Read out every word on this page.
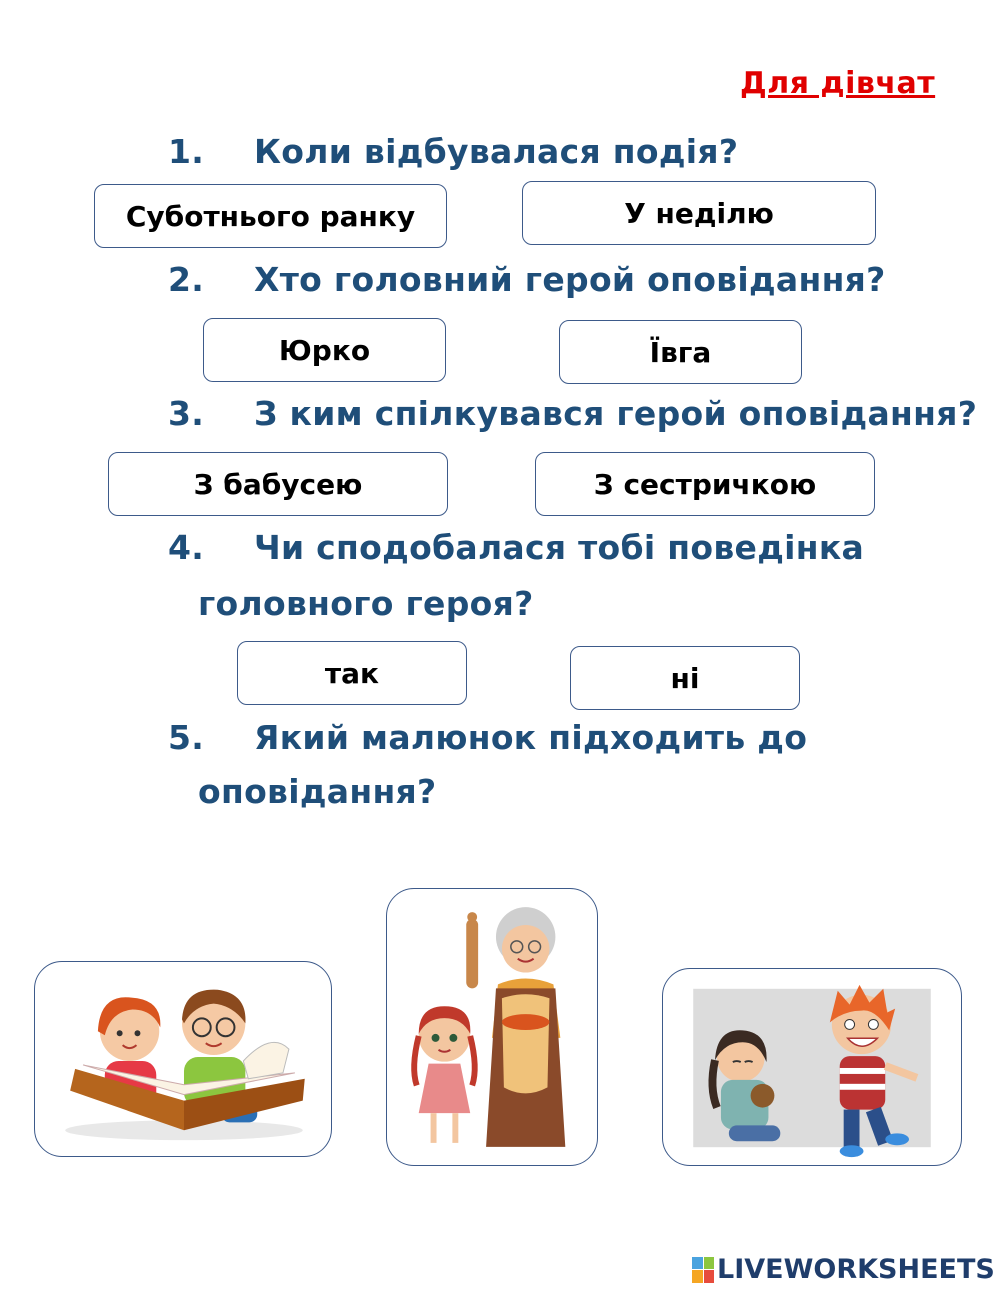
Для дівчат
1. Коли відбувалася подія?
Суботнього ранку	У неділю
2. Хто головний герой оповідання?
Юрко	Ївга
3. З ким спілкувався герой оповідання?
З бабусею	З сестричкою
4. Чи сподобалася тобі поведінка
головного героя?
так	ні
5. Який малюнок підходить до
оповідання?
LIVEWORKSHEETS
